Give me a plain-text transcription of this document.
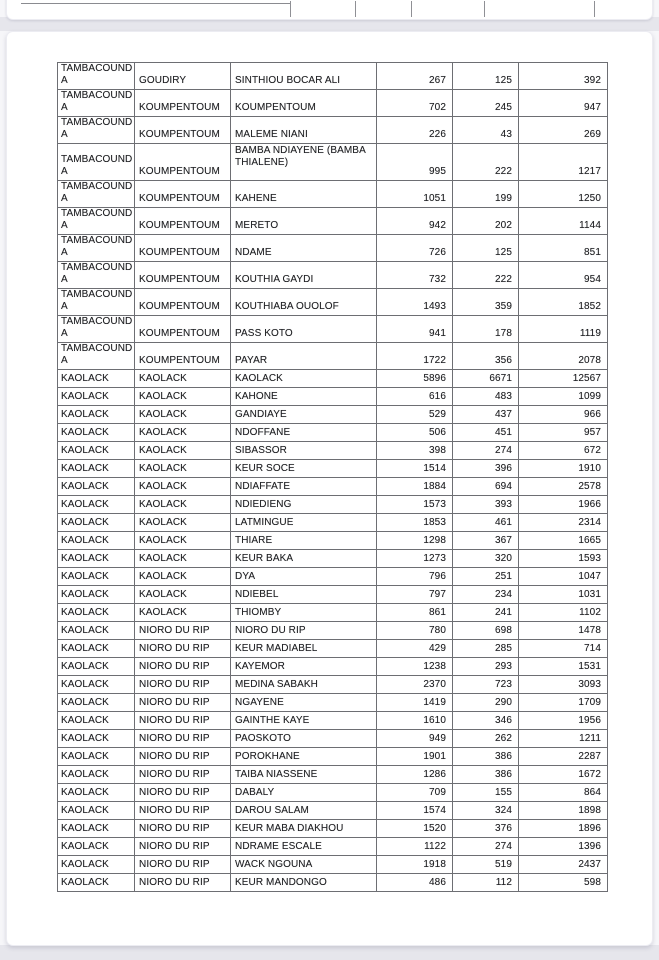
TAMBACOUNDA	GOUDIRY	SINTHIOU BOCAR ALI	267	125	392
TAMBACOUNDA	KOUMPENTOUM	KOUMPENTOUM	702	245	947
TAMBACOUNDA	KOUMPENTOUM	MALEME NIANI	226	43	269
TAMBACOUNDA	KOUMPENTOUM	BAMBA NDIAYENE (BAMBA THIALENE)	995	222	1217
TAMBACOUNDA	KOUMPENTOUM	KAHENE	1051	199	1250
TAMBACOUNDA	KOUMPENTOUM	MERETO	942	202	1144
TAMBACOUNDA	KOUMPENTOUM	NDAME	726	125	851
TAMBACOUNDA	KOUMPENTOUM	KOUTHIA GAYDI	732	222	954
TAMBACOUNDA	KOUMPENTOUM	KOUTHIABA OUOLOF	1493	359	1852
TAMBACOUNDA	KOUMPENTOUM	PASS KOTO	941	178	1119
TAMBACOUNDA	KOUMPENTOUM	PAYAR	1722	356	2078
KAOLACK	KAOLACK	KAOLACK	5896	6671	12567
KAOLACK	KAOLACK	KAHONE	616	483	1099
KAOLACK	KAOLACK	GANDIAYE	529	437	966
KAOLACK	KAOLACK	NDOFFANE	506	451	957
KAOLACK	KAOLACK	SIBASSOR	398	274	672
KAOLACK	KAOLACK	KEUR SOCE	1514	396	1910
KAOLACK	KAOLACK	NDIAFFATE	1884	694	2578
KAOLACK	KAOLACK	NDIEDIENG	1573	393	1966
KAOLACK	KAOLACK	LATMINGUE	1853	461	2314
KAOLACK	KAOLACK	THIARE	1298	367	1665
KAOLACK	KAOLACK	KEUR BAKA	1273	320	1593
KAOLACK	KAOLACK	DYA	796	251	1047
KAOLACK	KAOLACK	NDIEBEL	797	234	1031
KAOLACK	KAOLACK	THIOMBY	861	241	1102
KAOLACK	NIORO DU RIP	NIORO DU RIP	780	698	1478
KAOLACK	NIORO DU RIP	KEUR MADIABEL	429	285	714
KAOLACK	NIORO DU RIP	KAYEMOR	1238	293	1531
KAOLACK	NIORO DU RIP	MEDINA SABAKH	2370	723	3093
KAOLACK	NIORO DU RIP	NGAYENE	1419	290	1709
KAOLACK	NIORO DU RIP	GAINTHE KAYE	1610	346	1956
KAOLACK	NIORO DU RIP	PAOSKOTO	949	262	1211
KAOLACK	NIORO DU RIP	POROKHANE	1901	386	2287
KAOLACK	NIORO DU RIP	TAIBA NIASSENE	1286	386	1672
KAOLACK	NIORO DU RIP	DABALY	709	155	864
KAOLACK	NIORO DU RIP	DAROU SALAM	1574	324	1898
KAOLACK	NIORO DU RIP	KEUR MABA DIAKHOU	1520	376	1896
KAOLACK	NIORO DU RIP	NDRAME ESCALE	1122	274	1396
KAOLACK	NIORO DU RIP	WACK NGOUNA	1918	519	2437
KAOLACK	NIORO DU RIP	KEUR MANDONGO	486	112	598
